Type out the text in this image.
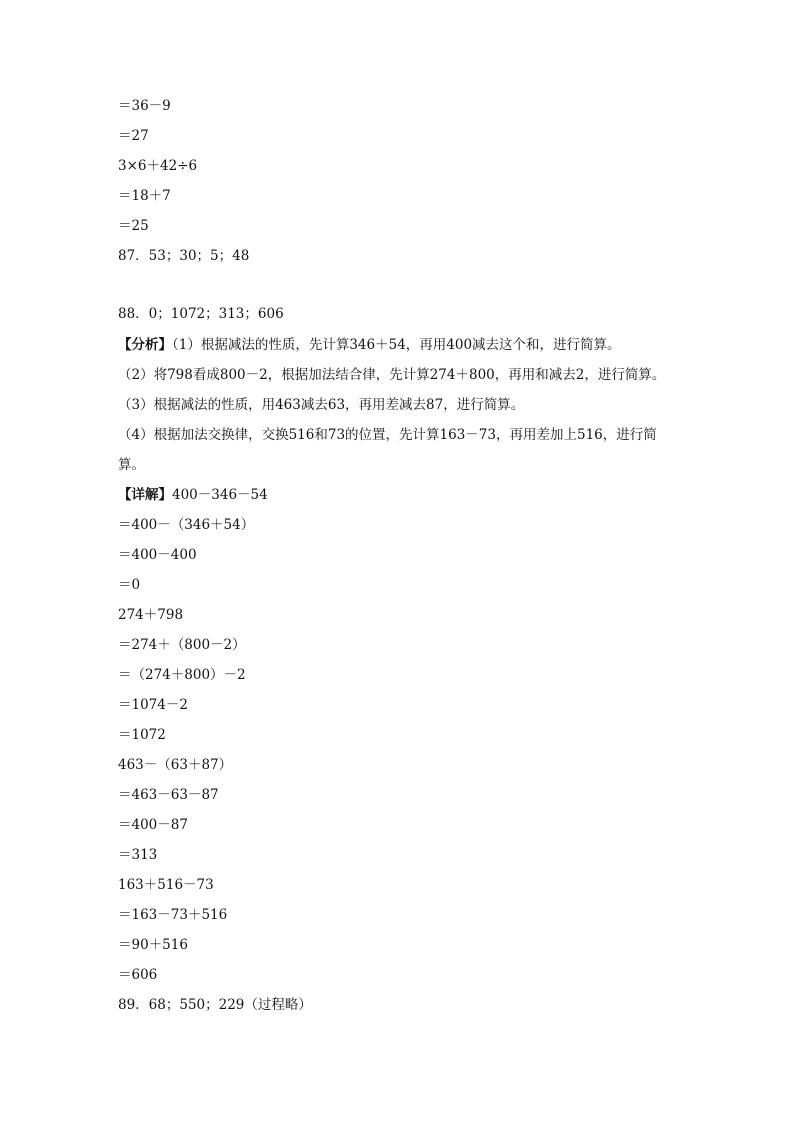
＝36－9
＝27
3×6＋42÷6
＝18＋7
＝25
87．53；30；5；48
88．0；1072；313；606
【分析】（1）根据减法的性质，先计算346＋54，再用400减去这个和，进行简算。
（2）将798看成800－2，根据加法结合律，先计算274＋800，再用和减去2，进行简算。
（3）根据减法的性质，用463减去63，再用差减去87，进行简算。
（4）根据加法交换律，交换516和73的位置，先计算163－73，再用差加上516，进行简
算。
【详解】400－346－54
＝400－（346＋54）
＝400－400
＝0
274＋798
＝274＋（800－2）
＝（274＋800）－2
＝1074－2
＝1072
463－（63＋87）
＝463－63－87
＝400－87
＝313
163＋516－73
＝163－73＋516
＝90＋516
＝606
89．68；550；229（过程略）
